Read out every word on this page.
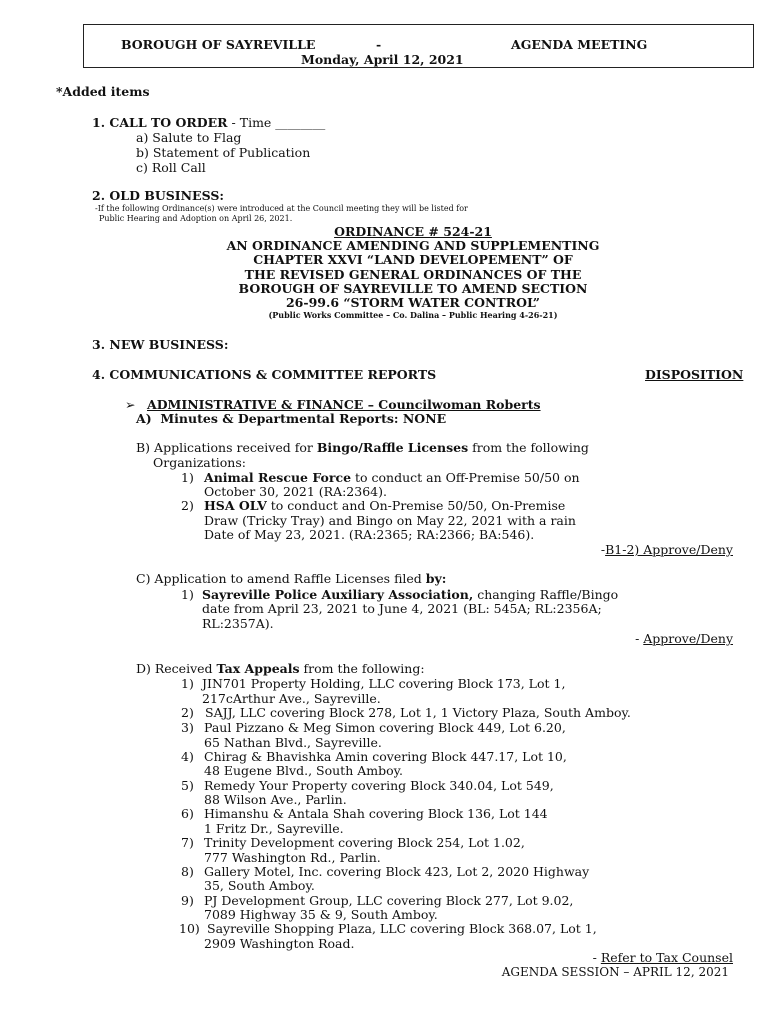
BOROUGH OF SAYREVILLE	-	AGENDA MEETING
Monday, April 12, 2021
*Added items
1. CALL TO ORDER - Time ________
a) Salute to Flag
b) Statement of Publication
c) Roll Call
2. OLD BUSINESS:
-If the following Ordinance(s) were introduced at the Council meeting they will be listed for
Public Hearing and Adoption on April 26, 2021.
ORDINANCE # 524-21
AN ORDINANCE AMENDING AND SUPPLEMENTING
CHAPTER XXVI “LAND DEVELOPEMENT” OF
THE REVISED GENERAL ORDINANCES OF THE
BOROUGH OF SAYREVILLE TO AMEND SECTION
26-99.6 “STORM WATER CONTROL”
(Public Works Committee – Co. Dalina – Public Hearing 4-26-21)
3. NEW BUSINESS:
4. COMMUNICATIONS & COMMITTEE REPORTS	DISPOSITION
➢ ADMINISTRATIVE & FINANCE – Councilwoman Roberts
A) Minutes & Departmental Reports: NONE
B) Applications received for Bingo/Raffle Licenses from the following
Organizations:
1) Animal Rescue Force to conduct an Off-Premise 50/50 on
October 30, 2021 (RA:2364).
2) HSA OLV to conduct and On-Premise 50/50, On-Premise
Draw (Tricky Tray) and Bingo on May 22, 2021 with a rain
Date of May 23, 2021. (RA:2365; RA:2366; BA:546).
-B1-2) Approve/Deny
C) Application to amend Raffle Licenses filed by:
1) Sayreville Police Auxiliary Association, changing Raffle/Bingo
date from April 23, 2021 to June 4, 2021 (BL: 545A; RL:2356A;
RL:2357A).
- Approve/Deny
D) Received Tax Appeals from the following:
1) JIN701 Property Holding, LLC covering Block 173, Lot 1,
217cArthur Ave., Sayreville.
2) SAJJ, LLC covering Block 278, Lot 1, 1 Victory Plaza, South Amboy.
3) Paul Pizzano & Meg Simon covering Block 449, Lot 6.20,
65 Nathan Blvd., Sayreville.
4) Chirag & Bhavishka Amin covering Block 447.17, Lot 10,
48 Eugene Blvd., South Amboy.
5) Remedy Your Property covering Block 340.04, Lot 549,
88 Wilson Ave., Parlin.
6) Himanshu & Antala Shah covering Block 136, Lot 144
1 Fritz Dr., Sayreville.
7) Trinity Development covering Block 254, Lot 1.02,
777 Washington Rd., Parlin.
8) Gallery Motel, Inc. covering Block 423, Lot 2, 2020 Highway
35, South Amboy.
9) PJ Development Group, LLC covering Block 277, Lot 9.02,
7089 Highway 35 & 9, South Amboy.
10) Sayreville Shopping Plaza, LLC covering Block 368.07, Lot 1,
2909 Washington Road.
- Refer to Tax Counsel
AGENDA SESSION – APRIL 12, 2021
